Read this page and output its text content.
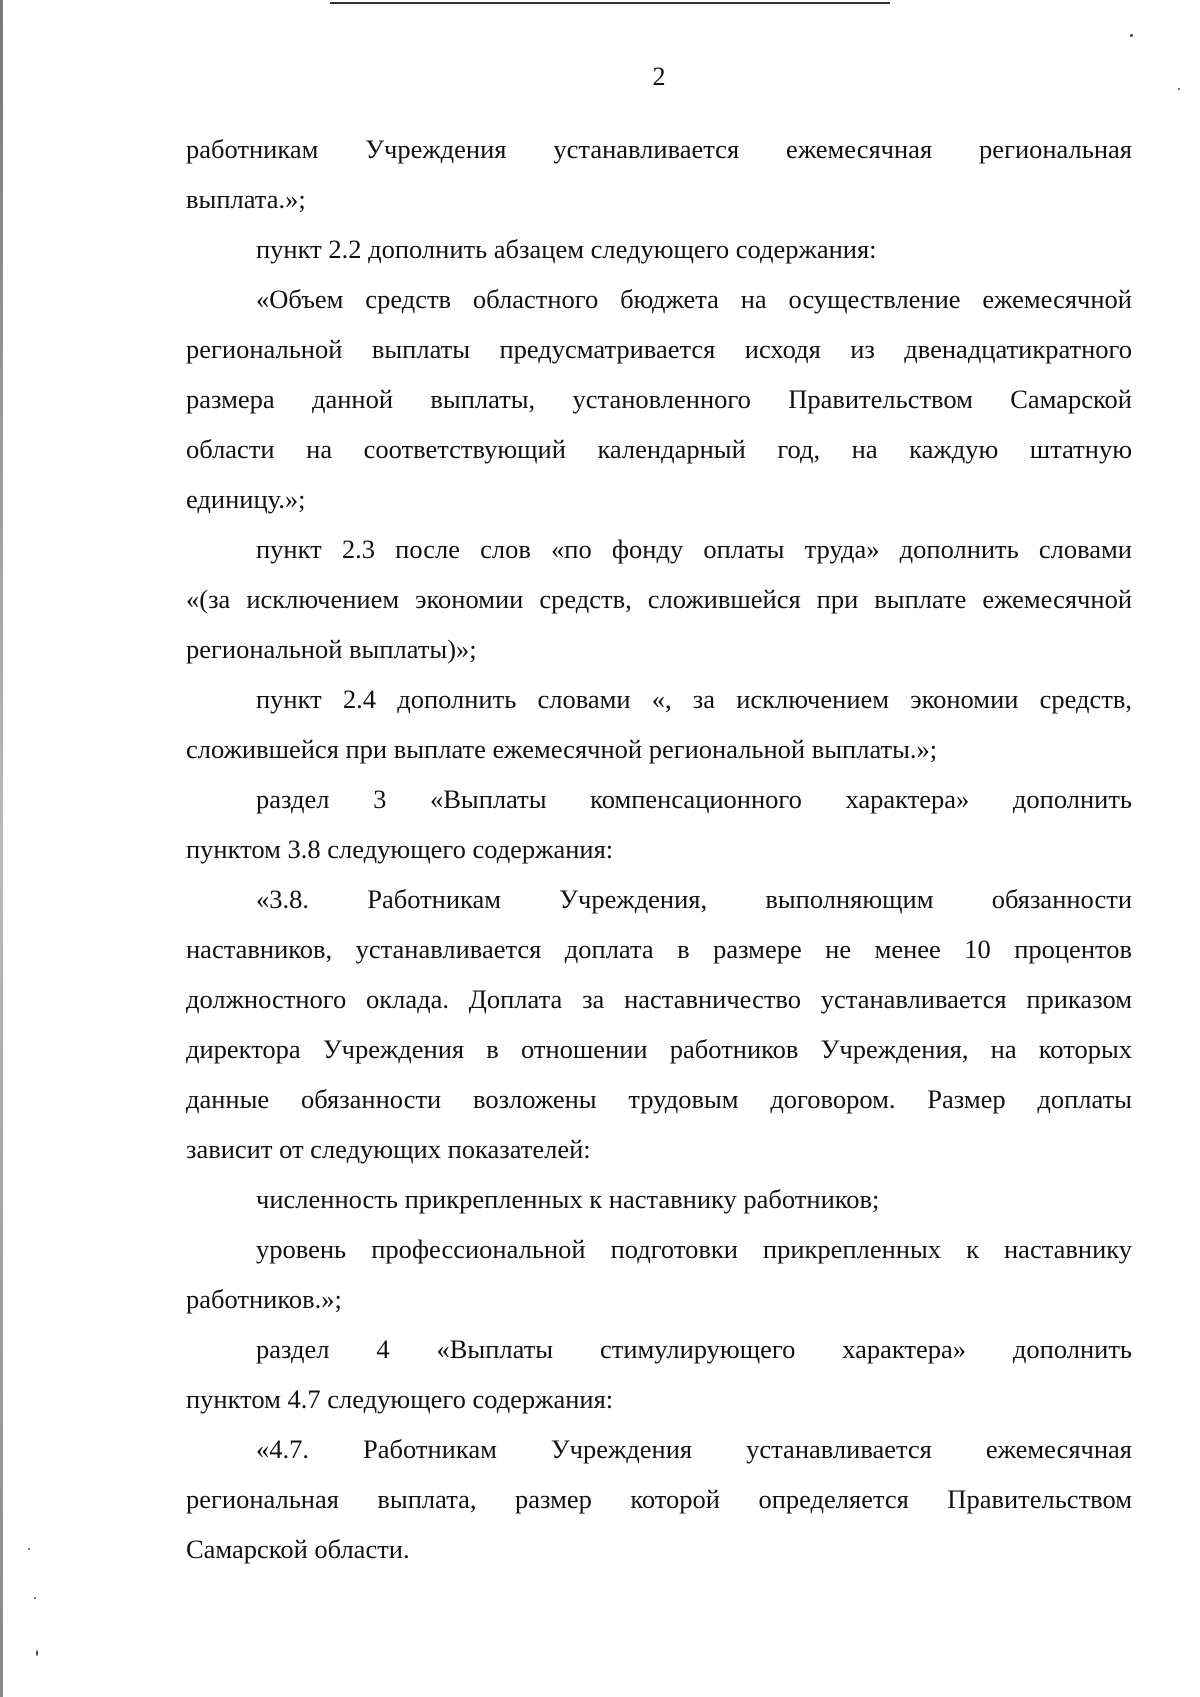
2
работникам Учреждения устанавливается ежемесячная региональная
выплата.»;
пункт 2.2 дополнить абзацем следующего содержания:
«Объем средств областного бюджета на осуществление ежемесячной
региональной выплаты предусматривается исходя из двенадцатикратного
размера данной выплаты, установленного Правительством Самарской
области на соответствующий календарный год, на каждую штатную
единицу.»;
пункт 2.3 после слов «по фонду оплаты труда» дополнить словами
«(за исключением экономии средств, сложившейся при выплате ежемесячной
региональной выплаты)»;
пункт 2.4 дополнить словами «, за исключением экономии средств,
сложившейся при выплате ежемесячной региональной выплаты.»;
раздел 3 «Выплаты компенсационного характера» дополнить
пунктом 3.8 следующего содержания:
«3.8. Работникам Учреждения, выполняющим обязанности
наставников, устанавливается доплата в размере не менее 10 процентов
должностного оклада. Доплата за наставничество устанавливается приказом
директора Учреждения в отношении работников Учреждения, на которых
данные обязанности возложены трудовым договором. Размер доплаты
зависит от следующих показателей:
численность прикрепленных к наставнику работников;
уровень профессиональной подготовки прикрепленных к наставнику
работников.»;
раздел 4 «Выплаты стимулирующего характера» дополнить
пунктом 4.7 следующего содержания:
«4.7. Работникам Учреждения устанавливается ежемесячная
региональная выплата, размер которой определяется Правительством
Самарской области.
